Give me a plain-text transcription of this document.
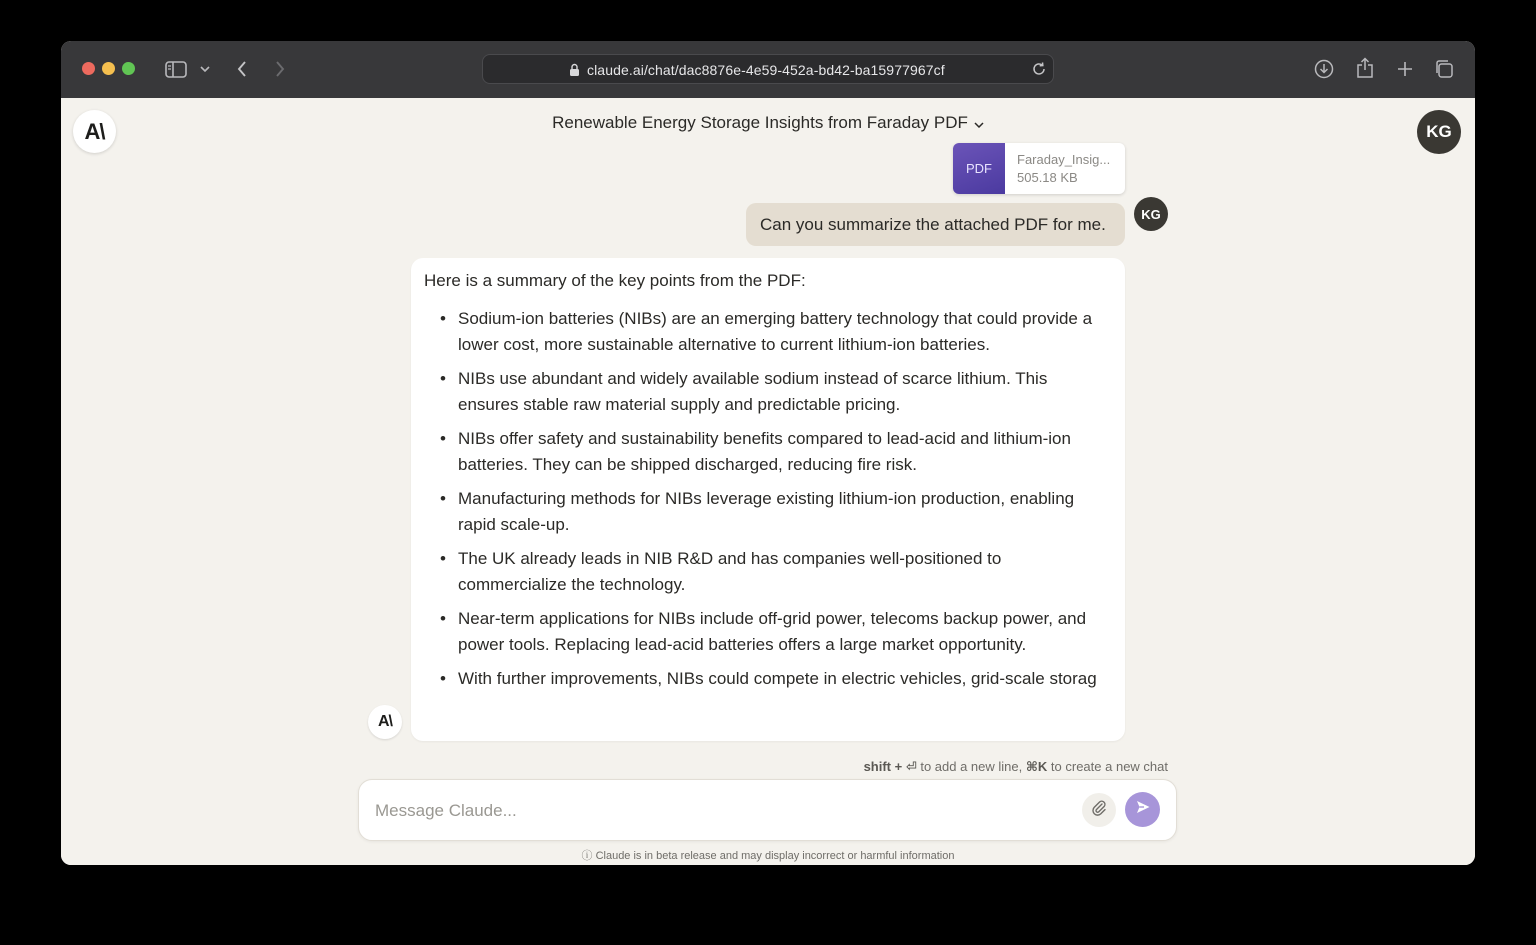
claude.ai/chat/dac8876e-4e59-452a-bd42-ba15977967cf
A\	Renewable Energy Storage Insights from Faraday PDF	KG
PDF
Faraday_Insig...
505.18 KB
Can you summarize the attached PDF for me.
KG

Here is a summary of the key points from the PDF:

• Sodium-ion batteries (NIBs) are an emerging battery technology that could provide a lower cost, more sustainable alternative to current lithium-ion batteries.
• NIBs use abundant and widely available sodium instead of scarce lithium. This ensures stable raw material supply and predictable pricing.
• NIBs offer safety and sustainability benefits compared to lead-acid and lithium-ion batteries. They can be shipped discharged, reducing fire risk.
• Manufacturing methods for NIBs leverage existing lithium-ion production, enabling rapid scale-up.
• The UK already leads in NIB R&D and has companies well-positioned to commercialize the technology.
• Near-term applications for NIBs include off-grid power, telecoms backup power, and power tools. Replacing lead-acid batteries offers a large market opportunity.
• With further improvements, NIBs could compete in electric vehicles, grid-scale storag
A\
shift + ⏎ to add a new line, ⌘K to create a new chat
Message Claude...
ⓘ Claude is in beta release and may display incorrect or harmful information
